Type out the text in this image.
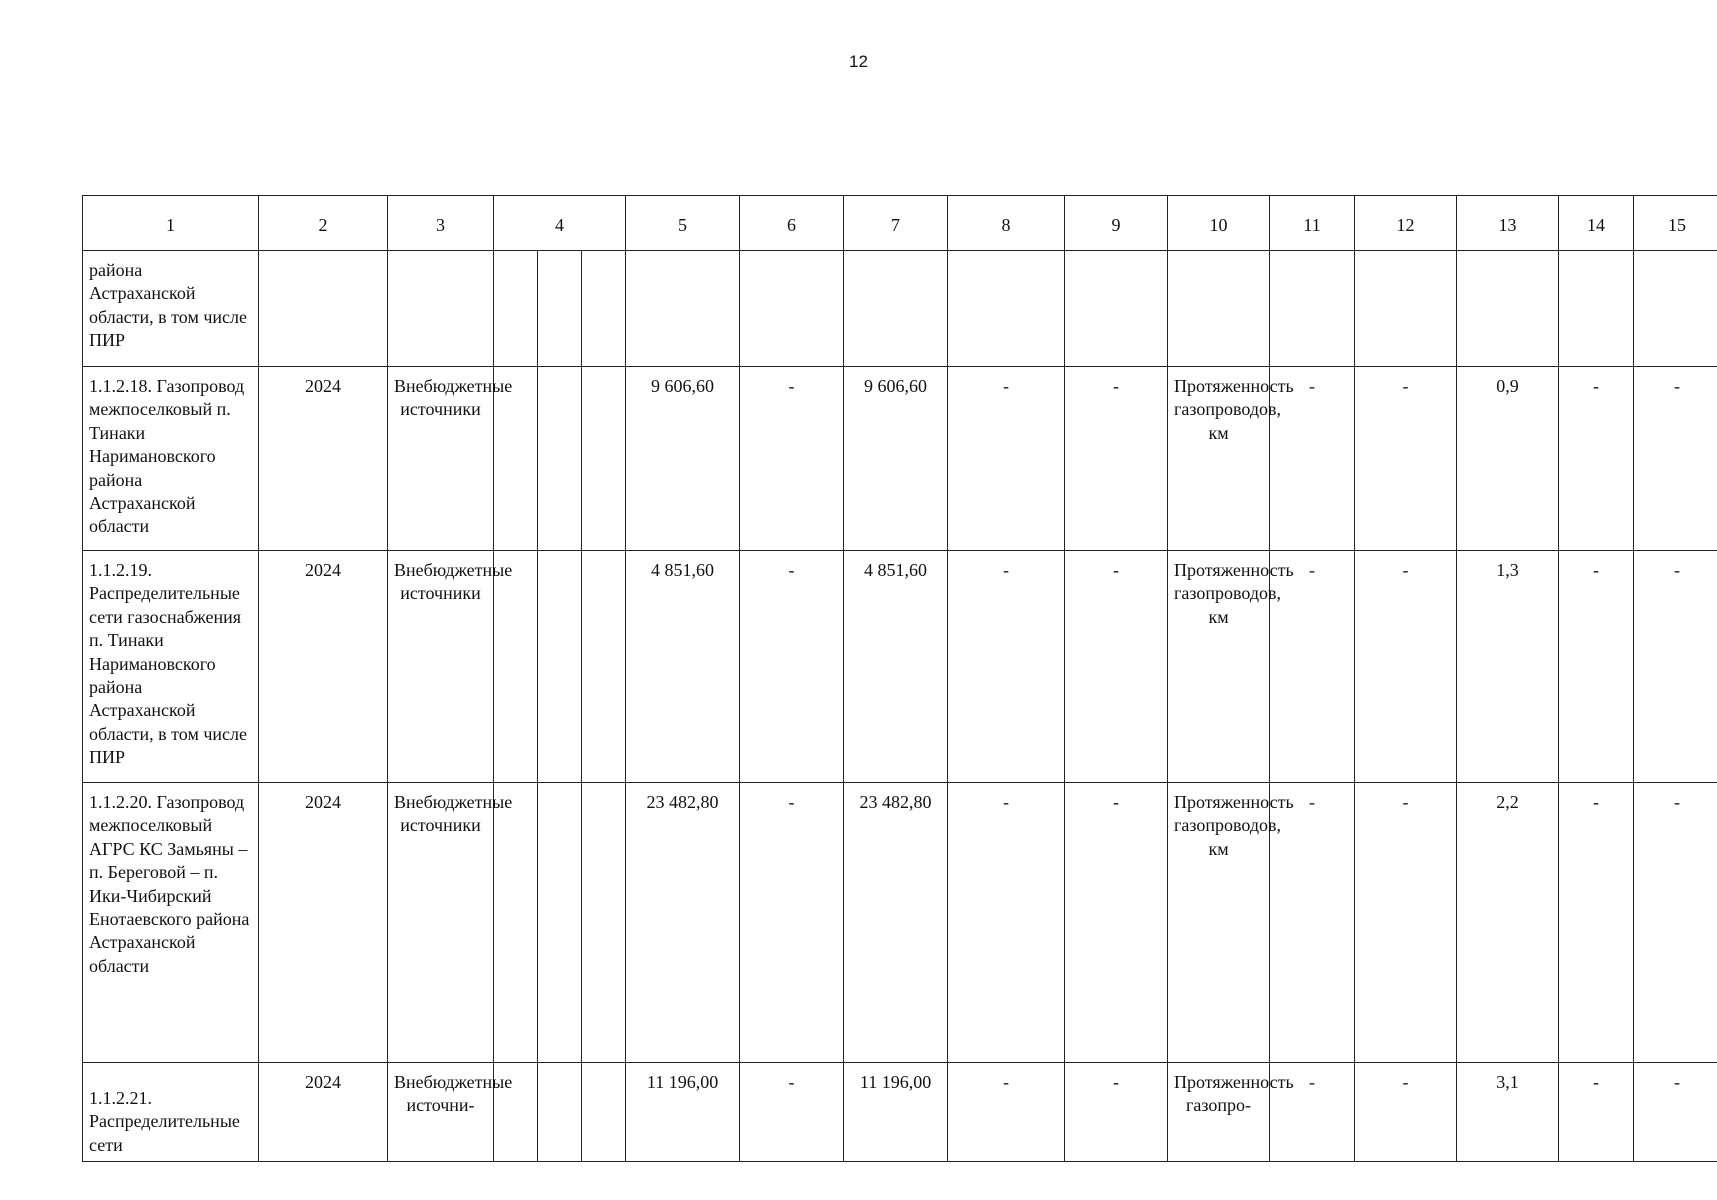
12
1	2	3	4			5	6	7	8	9	10	11	12	13	14	15
района Астраханской области, в том числе ПИР																
1.1.2.18. Газопровод межпоселковый п. Тинаки Наримановского района Астраханской области	2024	Внебюджетные источники				9 606,60	-	9 606,60	-	-	Протяженность газопроводов, км	-	-	0,9	-	-
1.1.2.19. Распределительные сети газоснабжения п. Тинаки Наримановского района Астраханской области, в том числе ПИР	2024	Внебюджетные источники				4 851,60	-	4 851,60	-	-	Протяженность газопроводов, км	-	-	1,3	-	-
1.1.2.20. Газопровод межпоселковый АГРС КС Замьяны – п. Береговой – п. Ики-Чибирский Енотаевского района Астраханской области	2024	Внебюджетные источники				23 482,80	-	23 482,80	-	-	Протяженность газопроводов, км	-	-	2,2	-	-
1.1.2.21. Распределительные сети	2024	Внебюджетные источни-				11 196,00	-	11 196,00	-	-	Протяженность газопро-	-	-	3,1	-	-
